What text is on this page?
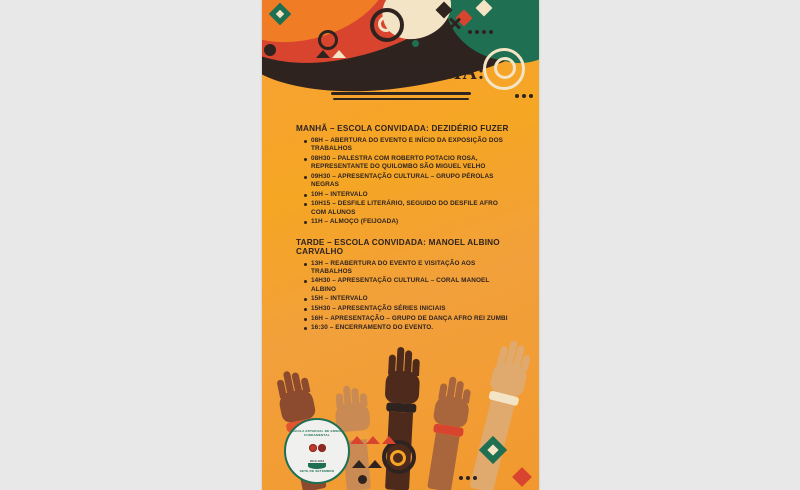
CRONOGRAMA:

MANHÃ – ESCOLA CONVIDADA: DEZIDÉRIO FUZER

08H – ABERTURA DO EVENTO E INÍCIO DA EXPOSIÇÃO DOS TRABALHOS
08H30 – PALESTRA COM ROBERTO POTACIO ROSA, REPRESENTANTE DO QUILOMBO SÃO MIGUEL VELHO
09H30 – APRESENTAÇÃO CULTURAL – GRUPO PÉROLAS NEGRAS
10H – INTERVALO
10H15 – DESFILE LITERÁRIO, SEGUIDO DO DESFILE AFRO COM ALUNOS
11H – ALMOÇO (FEIJOADA)

TARDE – ESCOLA CONVIDADA: MANOEL ALBINO CARVALHO

13H – REABERTURA DO EVENTO E VISITAÇÃO AOS TRABALHOS
14H30 – APRESENTAÇÃO CULTURAL – CORAL MANOEL ALBINO
15H – INTERVALO
15H30 – APRESENTAÇÃO SÉRIES INICIAIS
16H – APRESENTAÇÃO – GRUPO DE DANÇA AFRO REI ZUMBI
16:30 – ENCERRAMENTO DO EVENTO.
ESCOLA ESTADUAL DE ENSINO FUNDAMENTAL
2010-1912
SETE DE SETEMBRO
